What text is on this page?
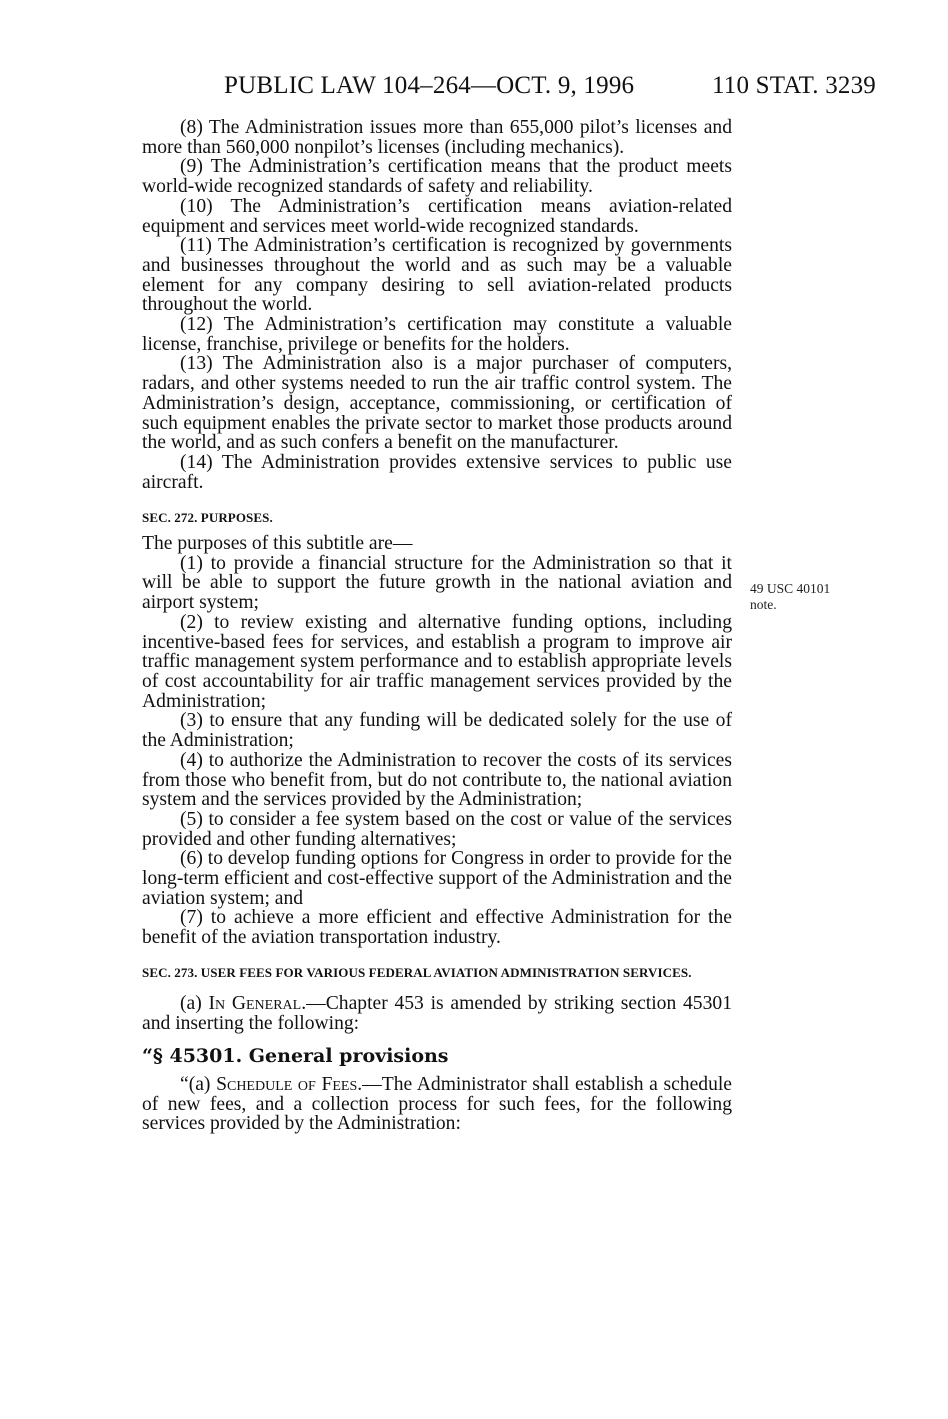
PUBLIC LAW 104–264—OCT. 9, 1996	110 STAT. 3239

(8) The Administration issues more than 655,000 pilot’s licenses and more than 560,000 nonpilot’s licenses (including mechanics).

(9) The Administration’s certification means that the product meets world-wide recognized standards of safety and reliability.

(10) The Administration’s certification means aviation-related equipment and services meet world-wide recognized standards.

(11) The Administration’s certification is recognized by governments and businesses throughout the world and as such may be a valuable element for any company desiring to sell aviation-related products throughout the world.

(12) The Administration’s certification may constitute a valuable license, franchise, privilege or benefits for the holders.

(13) The Administration also is a major purchaser of computers, radars, and other systems needed to run the air traffic control system. The Administration’s design, acceptance, commissioning, or certification of such equipment enables the private sector to market those products around the world, and as such confers a benefit on the manufacturer.

(14) The Administration provides extensive services to public use aircraft.

SEC. 272. PURPOSES.

The purposes of this subtitle are—

(1) to provide a financial structure for the Administration so that it will be able to support the future growth in the national aviation and airport system;

(2) to review existing and alternative funding options, including incentive-based fees for services, and establish a program to improve air traffic management system performance and to establish appropriate levels of cost accountability for air traffic management services provided by the Administration;

(3) to ensure that any funding will be dedicated solely for the use of the Administration;

(4) to authorize the Administration to recover the costs of its services from those who benefit from, but do not contribute to, the national aviation system and the services provided by the Administration;

(5) to consider a fee system based on the cost or value of the services provided and other funding alternatives;

(6) to develop funding options for Congress in order to provide for the long-term efficient and cost-effective support of the Administration and the aviation system; and

(7) to achieve a more efficient and effective Administration for the benefit of the aviation transportation industry.

SEC. 273. USER FEES FOR VARIOUS FEDERAL AVIATION ADMINISTRATION SERVICES.

(a) In General.—Chapter 453 is amended by striking section 45301 and inserting the following:

“§ 45301. General provisions

“(a) Schedule of Fees.—The Administrator shall establish a schedule of new fees, and a collection process for such fees, for the following services provided by the Administration:

49 USC 40101
note.
